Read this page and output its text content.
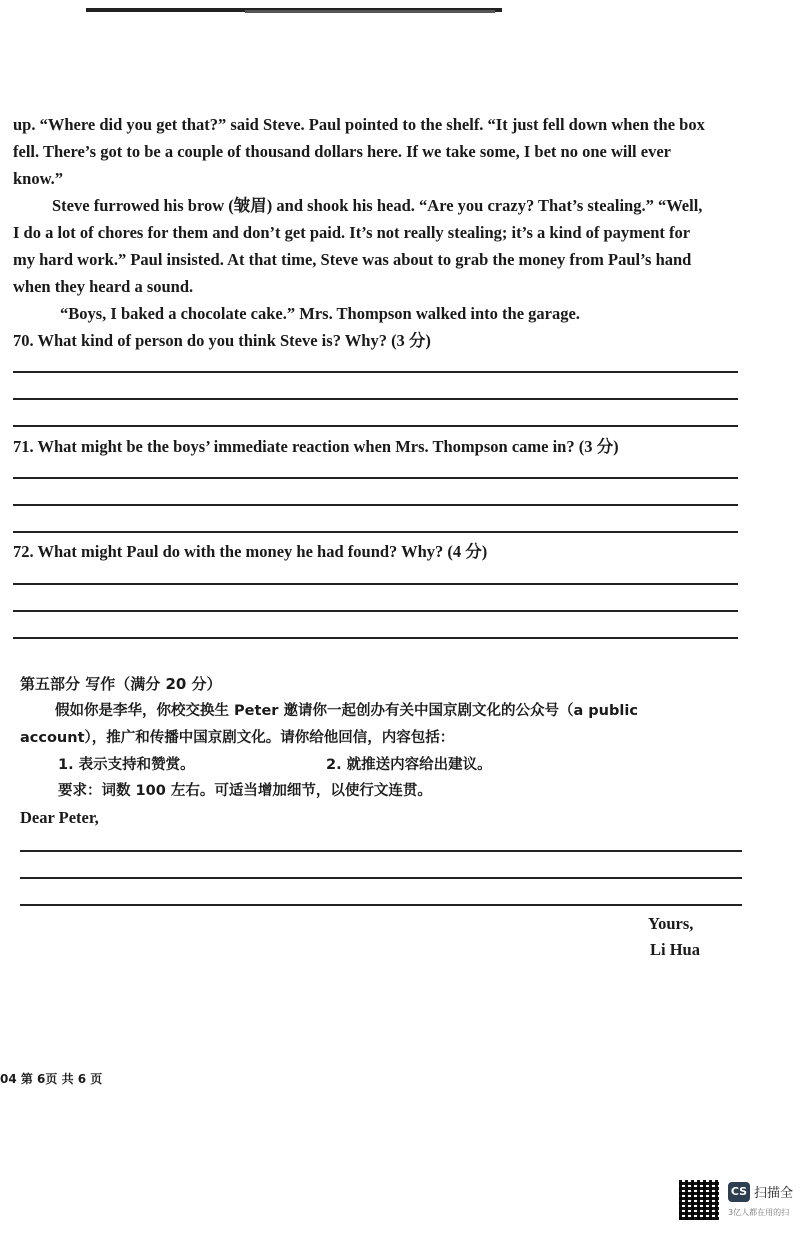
up. “Where did you get that?” said Steve. Paul pointed to the shelf. “It just fell down when the box
fell. There’s got to be a couple of thousand dollars here. If we take some, I bet no one will ever
know.”
Steve furrowed his brow (皱眉) and shook his head. “Are you crazy? That’s stealing.” “Well,
I do a lot of chores for them and don’t get paid. It’s not really stealing; it’s a kind of payment for
my hard work.” Paul insisted. At that time, Steve was about to grab the money from Paul’s hand
when they heard a sound.
“Boys, I baked a chocolate cake.” Mrs. Thompson walked into the garage.
70. What kind of person do you think Steve is? Why? (3 分)
71. What might be the boys’ immediate reaction when Mrs. Thompson came in? (3 分)
72. What might Paul do with the money he had found? Why? (4 分)
第五部分 写作（满分 20 分）
假如你是李华，你校交换生 Peter 邀请你一起创办有关中国京剧文化的公众号（a public
account），推广和传播中国京剧文化。请你给他回信，内容包括：
1. 表示支持和赞赏。	2. 就推送内容给出建议。
要求：词数 100 左右。可适当增加细节，以使行文连贯。
Dear Peter,
Yours,
Li Hua
04 第 6页 共 6 页
CS 扫描全
3亿人都在用的扫
